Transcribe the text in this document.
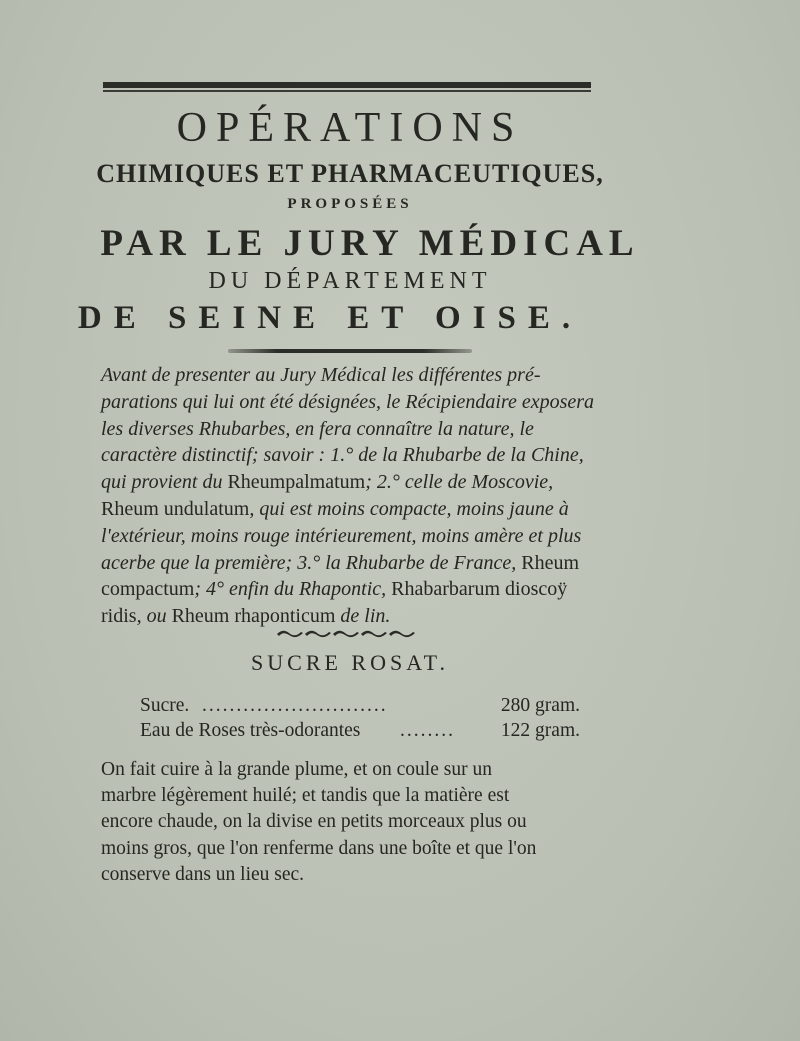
OPÉRATIONS
CHIMIQUES ET PHARMACEUTIQUES,
PROPOSÉES
PAR LE JURY MÉDICAL
DU DÉPARTEMENT
DE SEINE ET OISE.
Avant de presenter au Jury Médical les différentes pré-
parations qui lui ont été désignées, le Récipiendaire exposera
les diverses Rhubarbes, en fera connaître la nature, le
caractère distinctif; savoir : 1.° de la Rhubarbe de la Chine,
qui provient du Rheumpalmatum; 2.° celle de Moscovie,
Rheum undulatum, qui est moins compacte, moins jaune à
l'extérieur, moins rouge intérieurement, moins amère et plus
acerbe que la première; 3.° la Rhubarbe de France, Rheum
compactum; 4° enfin du Rhapontic, Rhabarbarum dioscoÿ
ridis, ou Rheum rhaponticum de lin.
SUCRE ROSAT.
Sucre. ...........................	280 gram.
Eau de Roses très-odorantes ........ 122 gram.
On fait cuire à la grande plume, et on coule sur un
marbre légèrement huilé; et tandis que la matière est
encore chaude, on la divise en petits morceaux plus ou
moins gros, que l'on renferme dans une boîte et que l'on
conserve dans un lieu sec.
